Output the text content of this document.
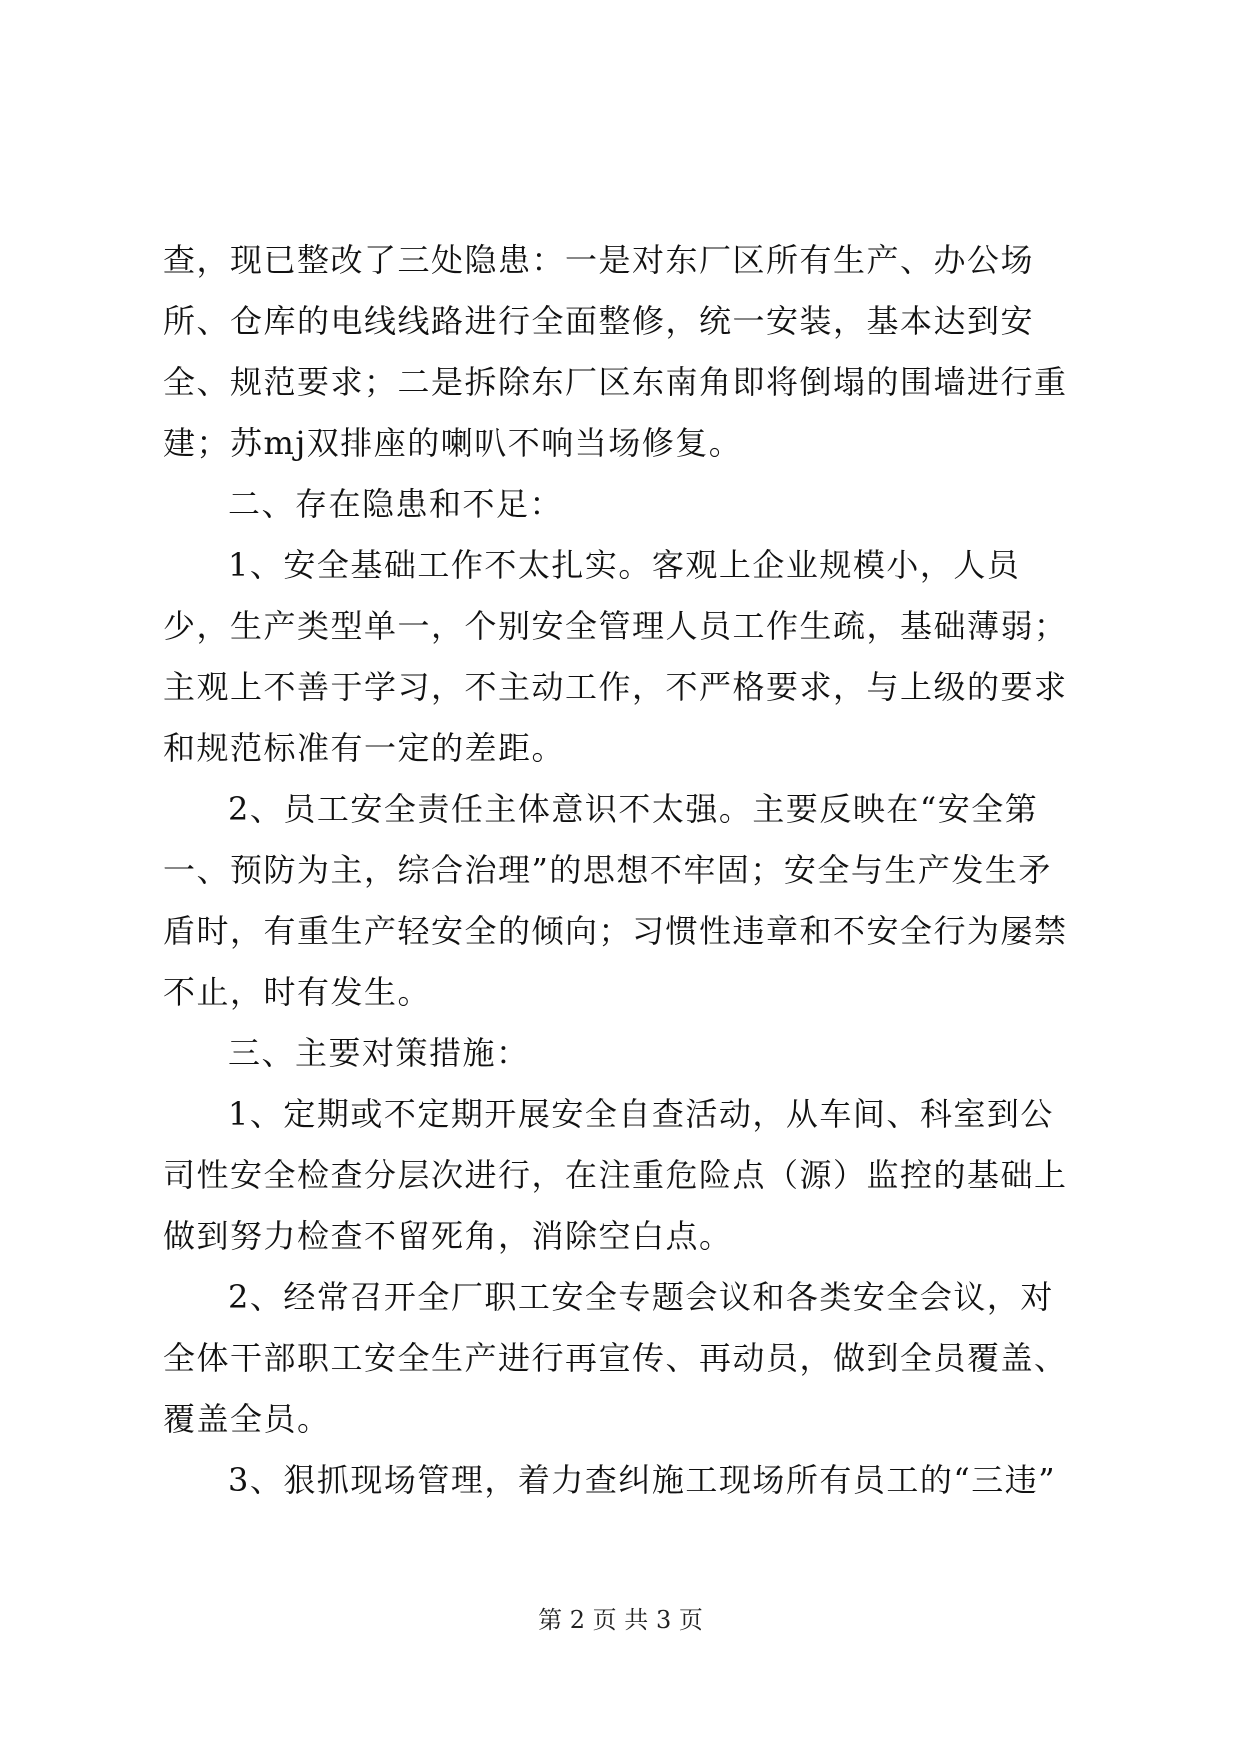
查，现已整改了三处隐患：一是对东厂区所有生产、办公场所、仓库的电线线路进行全面整修，统一安装，基本达到安全、规范要求；二是拆除东厂区东南角即将倒塌的围墙进行重建；苏mj双排座的喇叭不响当场修复。

二、存在隐患和不足：

1、安全基础工作不太扎实。客观上企业规模小，人员少，生产类型单一，个别安全管理人员工作生疏，基础薄弱；主观上不善于学习，不主动工作，不严格要求，与上级的要求和规范标准有一定的差距。

2、员工安全责任主体意识不太强。主要反映在“安全第一、预防为主，综合治理”的思想不牢固；安全与生产发生矛盾时，有重生产轻安全的倾向；习惯性违章和不安全行为屡禁不止，时有发生。

三、主要对策措施：

1、定期或不定期开展安全自查活动，从车间、科室到公司性安全检查分层次进行，在注重危险点（源）监控的基础上做到努力检查不留死角，消除空白点。

2、经常召开全厂职工安全专题会议和各类安全会议，对全体干部职工安全生产进行再宣传、再动员，做到全员覆盖、覆盖全员。

3、狠抓现场管理，着力查纠施工现场所有员工的“三违”

第 2 页 共 3 页
